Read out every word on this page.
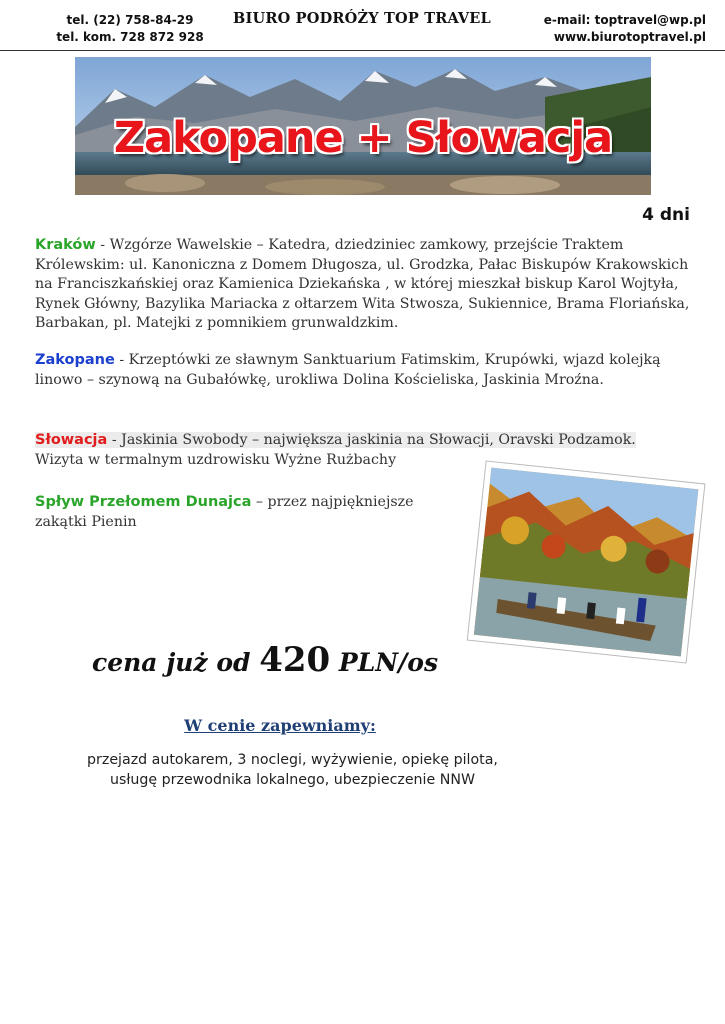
tel. (22) 758-84-29
tel. kom. 728 872 928
BIURO PODRÓŻY TOP TRAVEL	e-mail: toptravel@wp.pl
www.biurotoptravel.pl
Zakopane + Słowacja
4 dni
Kraków - Wzgórze Wawelskie – Katedra, dziedziniec zamkowy, przejście Traktem Królewskim: ul. Kanoniczna z Domem Długosza, ul. Grodzka, Pałac Biskupów Krakowskich na Franciszkańskiej oraz Kamienica Dziekańska , w której mieszkał biskup Karol Wojtyła, Rynek Główny, Bazylika Mariacka z ołtarzem Wita Stwosza, Sukiennice, Brama Floriańska, Barbakan, pl. Matejki z pomnikiem grunwaldzkim.
Zakopane - Krzeptówki ze sławnym Sanktuarium Fatimskim, Krupówki, wjazd kolejką linowo – szynową na Gubałówkę, urokliwa Dolina Kościeliska, Jaskinia Mroźna.
Słowacja - Jaskinia Swobody – największa jaskinia na Słowacji, Oravski Podzamok.
Wizyta w termalnym uzdrowisku Wyżne Rużbachy
Spływ Przełomem Dunajca – przez najpiękniejsze zakątki Pienin
cena już od 420 PLN/os
W cenie zapewniamy:
przejazd autokarem, 3 noclegi, wyżywienie, opiekę pilota,
usługę przewodnika lokalnego, ubezpieczenie NNW
